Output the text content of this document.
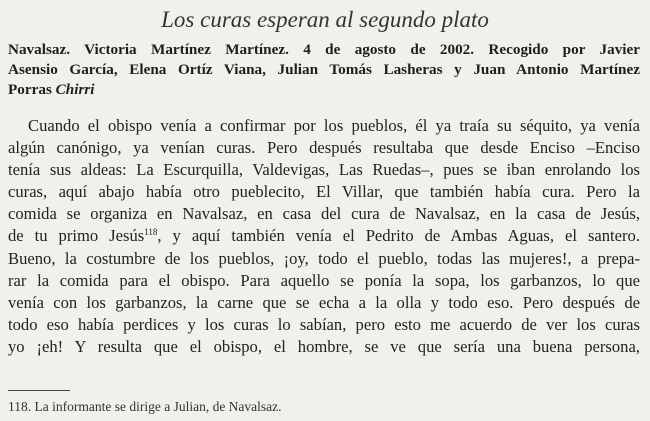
Los curas esperan al segundo plato
Navalsaz. Victoria Martínez Martínez. 4 de agosto de 2002. Recogido por Javier
Asensio García, Elena Ortíz Viana, Julian Tomás Lasheras y Juan Antonio Martínez
Porras Chirri
Cuando el obispo venía a confirmar por los pueblos, él ya traía su séquito, ya venía
algún canónigo, ya venían curas. Pero después resultaba que desde Enciso –Enciso
tenía sus aldeas: La Escurquilla, Valdevigas, Las Ruedas–, pues se iban enrolando los
curas, aquí abajo había otro pueblecito, El Villar, que también había cura. Pero la
comida se organiza en Navalsaz, en casa del cura de Navalsaz, en la casa de Jesús,
de tu primo Jesús$^{118}$, y aquí también venía el Pedrito de Ambas Aguas, el santero.
Bueno, la costumbre de los pueblos, ¡oy, todo el pueblo, todas las mujeres!, a prepa-
rar la comida para el obispo. Para aquello se ponía la sopa, los garbanzos, lo que
venía con los garbanzos, la carne que se echa a la olla y todo eso. Pero después de
todo eso había perdices y los curas lo sabían, pero esto me acuerdo de ver los curas
yo ¡eh! Y resulta que el obispo, el hombre, se ve que sería una buena persona,
118. La informante se dirige a Julian, de Navalsaz.
